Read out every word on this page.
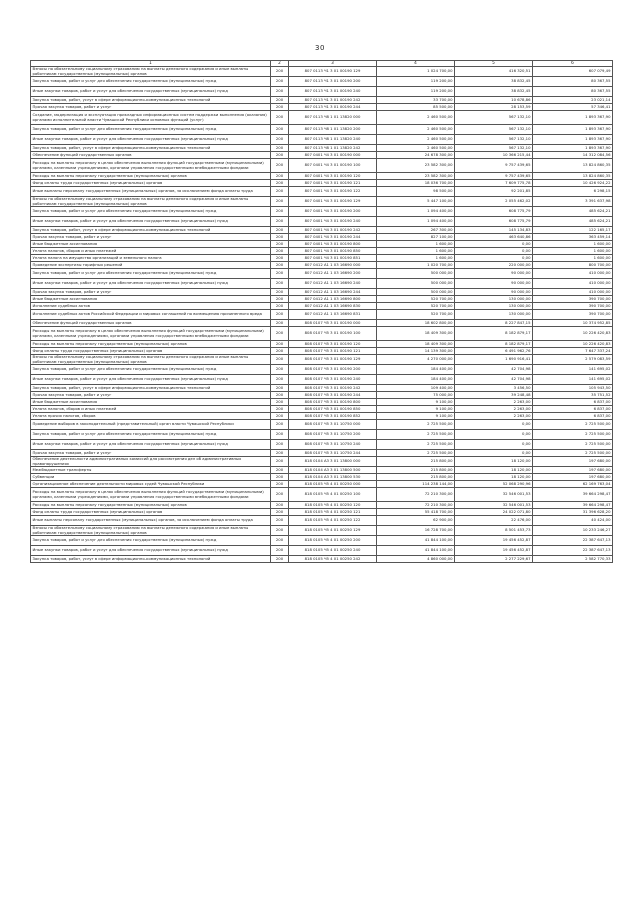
30
1	2	3	4	5	6
Взносы по обязательному социальному страхованию на выплаты денежного содержания и иные выплаты работникам государственных (муниципальных) органов	200	807 0113 Ч1 3 01 00190 129	1 024 700,00	416 320,51	607 079,49
Закупка товаров, работ и услуг для обеспечения государственных (муниципальных) нужд	200	807 0113 Ч1 3 01 00190 200	119 200,00	38 832,45	80 367,55
Иные закупки товаров, работ и услуг для обеспечения государственных (муниципальных) нужд	200	807 0113 Ч1 3 01 00190 240	119 200,00	38 832,45	80 367,55
Закупка товаров, работ, услуг в сфере информационно-коммуникационных технологий	200	807 0113 Ч1 3 01 00190 242	33 700,00	10 678,86	23 021,14
Прочая закупка товаров, работ и услуг	200	807 0113 Ч1 3 01 00190 244	85 500,00	28 153,59	57 346,41
Создание, модернизация и эксплуатация прикладных информационных систем поддержки выполнения (оказания) органами исполнительной власти Чувашской Республики основных функций (услуг)	200	807 0113 Ч8 1 01 13820 000	2 460 500,00	567 132,10	1 893 367,90
Закупка товаров, работ и услуг для обеспечения государственных (муниципальных) нужд	200	807 0113 Ч8 1 01 13820 200	2 460 500,00	567 132,10	1 893 367,90
Иные закупки товаров, работ и услуг для обеспечения государственных (муниципальных) нужд	200	807 0113 Ч8 1 01 13820 240	2 460 500,00	567 132,10	1 893 367,90
Закупка товаров, работ, услуг в сфере информационно-коммуникационных технологий	200	807 0113 Ч8 1 01 13820 242	2 460 500,00	567 132,10	1 893 367,90
Обеспечение функций государственных органов	200	807 0401 Ч4 3 01 00190 000	24 678 300,00	10 366 215,44	14 312 084,56
Расходы на выплаты персоналу в целях обеспечения выполнения функций государственными (муниципальными) органами, казенными учреждениями, органами управления государственными внебюджетными фондами	200	807 0401 Ч4 3 01 00190 100	23 582 300,00	9 757 439,65	13 824 860,35
Расходы на выплаты персоналу государственных (муниципальных) органов	200	807 0401 Ч4 3 01 00190 120	23 582 300,00	9 757 439,65	13 824 860,35
Фонд оплаты труда государственных (муниципальных) органов	200	807 0401 Ч4 3 01 00190 121	18 036 700,00	7 609 775,78	10 426 924,22
Иные выплаты персоналу государственных (муниципальных) органов, за исключением фонда оплаты труда	200	807 0401 Ч4 3 01 00190 122	98 500,00	92 201,85	6 298,15
Взносы по обязательному социальному страхованию на выплаты денежного содержания и иные выплаты работникам государственных (муниципальных) органов	200	807 0401 Ч4 3 01 00190 129	5 447 100,00	2 055 462,02	3 391 637,98
Закупка товаров, работ и услуг для обеспечения государственных (муниципальных) нужд	200	807 0401 Ч4 3 01 00190 200	1 094 400,00	608 775,79	485 624,21
Иные закупки товаров, работ и услуг для обеспечения государственных (муниципальных) нужд	200	807 0401 Ч4 3 01 00190 240	1 094 400,00	608 775,79	485 624,21
Закупка товаров, работ, услуг в сфере информационно-коммуникационных технологий	200	807 0401 Ч4 3 01 00190 242	267 300,00	145 134,83	122 165,17
Прочая закупка товаров, работ и услуг	200	807 0401 Ч4 3 01 00190 244	827 100,00	463 640,86	363 459,14
Иные бюджетные ассигнования	200	807 0401 Ч4 3 01 00190 800	1 600,00	0,00	1 600,00
Уплата налогов, сборов и иных платежей	200	807 0401 Ч4 3 01 00190 850	1 600,00	0,00	1 600,00
Уплата налога на имущество организаций и земельного налога	200	807 0401 Ч4 3 01 00190 851	1 600,00	0,00	1 600,00
Проведение экспертизы тарифных решений	200	807 0412 А1 1 03 16690 000	1 020 700,00	220 000,00	800 700,00
Закупка товаров, работ и услуг для обеспечения государственных (муниципальных) нужд	200	807 0412 А1 1 03 16690 200	500 000,00	90 000,00	410 000,00
Иные закупки товаров, работ и услуг для обеспечения государственных (муниципальных) нужд	200	807 0412 А1 1 03 16690 240	500 000,00	90 000,00	410 000,00
Прочая закупка товаров, работ и услуг	200	807 0412 А1 1 03 16690 244	500 000,00	90 000,00	410 000,00
Иные бюджетные ассигнования	200	807 0412 А1 1 03 16690 800	520 700,00	130 000,00	390 700,00
Исполнение судебных актов	200	807 0412 А1 1 03 16690 830	520 700,00	130 000,00	390 700,00
Исполнение судебных актов Российской Федерации и мировых соглашений по возмещению причиненного вреда	200	807 0412 А1 1 03 16690 831	520 700,00	130 000,00	390 700,00
Обеспечение функций государственных органов	200	808 0107 Ч5 3 01 00190 000	18 602 800,00	8 227 847,15	10 374 952,85
Расходы на выплаты персоналу в целях обеспечения выполнения функций государственными (муниципальными) органами, казенными учреждениями, органами управления государственными внебюджетными фондами	200	808 0107 Ч5 3 01 00190 100	18 409 300,00	8 182 879,17	10 226 420,83
Расходы на выплаты персоналу государственных (муниципальных) органов	200	808 0107 Ч5 3 01 00190 120	18 409 300,00	8 182 879,17	10 226 420,83
Фонд оплаты труда государственных (муниципальных) органов	200	808 0107 Ч5 3 01 00190 121	14 139 300,00	6 491 962,76	7 647 337,24
Взносы по обязательному социальному страхованию на выплаты денежного содержания и иные выплаты работникам государственных (муниципальных) органов	200	808 0107 Ч5 3 01 00190 129	4 270 000,00	1 690 916,41	2 579 083,59
Закупка товаров, работ и услуг для обеспечения государственных (муниципальных) нужд	200	808 0107 Ч5 3 01 00190 200	184 400,00	42 704,98	141 695,02
Иные закупки товаров, работ и услуг для обеспечения государственных (муниципальных) нужд	200	808 0107 Ч5 3 01 00190 240	184 400,00	42 704,98	141 695,02
Закупка товаров, работ, услуг в сфере информационно-коммуникационных технологий	200	808 0107 Ч5 3 01 00190 242	109 400,00	3 456,50	105 943,50
Прочая закупка товаров, работ и услуг	200	808 0107 Ч5 3 01 00190 244	75 000,00	39 248,48	35 751,52
Иные бюджетные ассигнования	200	808 0107 Ч5 3 01 00190 800	9 100,00	2 263,00	6 837,00
Уплата налогов, сборов и иных платежей	200	808 0107 Ч5 3 01 00190 850	9 100,00	2 263,00	6 837,00
Уплата прочих налогов, сборов	200	808 0107 Ч5 3 01 00190 852	9 100,00	2 263,00	6 837,00
Проведение выборов в законодательный (представительный) орган власти Чувашской Республики	200	808 0107 Ч5 3 01 10750 000	2 725 500,00	0,00	2 725 500,00
Закупка товаров, работ и услуг для обеспечения государственных (муниципальных) нужд	200	808 0107 Ч5 3 01 10750 200	2 725 500,00	0,00	2 725 500,00
Иные закупки товаров, работ и услуг для обеспечения государственных (муниципальных) нужд	200	808 0107 Ч5 3 01 10750 240	2 725 500,00	0,00	2 725 500,00
Прочая закупка товаров, работ и услуг	200	808 0107 Ч5 3 01 10750 244	2 725 500,00	0,00	2 725 500,00
Обеспечение деятельности административных комиссий для рассмотрения дел об административных правонарушениях	200	818 0104 А3 3 01 13800 000	215 800,00	18 120,00	197 680,00
Межбюджетные трансферты	200	818 0104 А3 3 01 13800 500	215 800,00	18 120,00	197 680,00
Субвенции	200	818 0104 А3 3 01 13800 530	215 800,00	18 120,00	197 680,00
Организационное обеспечение деятельности мировых судей Чувашской Республики	200	818 0105 Ч5 4 01 00250 000	114 238 144,00	52 068 290,96	62 169 763,04
Расходы на выплаты персоналу в целях обеспечения выполнения функций государственными (муниципальными) органами, казенными учреждениями, органами управления государственными внебюджетными фондами	200	818 0105 Ч5 4 01 00250 100	72 210 300,00	32 546 001,53	39 664 298,47
Расходы на выплаты персоналу государственных (муниципальных) органов	200	818 0105 Ч5 4 01 00250 120	72 210 300,00	32 546 001,53	39 664 298,47
Фонд оплаты труда государственных (муниципальных) органов	200	818 0105 Ч5 4 01 00250 121	55 418 700,00	24 022 071,80	31 396 628,20
Иные выплаты персоналу государственных (муниципальных) органов, за исключением фонда оплаты труда	200	818 0105 Ч5 4 01 00250 122	62 900,00	22 476,00	40 424,00
Взносы по обязательному социальному страхованию на выплаты денежного содержания и иные выплаты работникам государственных (муниципальных) органов	200	818 0105 Ч5 4 01 00250 129	16 728 700,00	8 501 453,73	10 233 246,27
Закупка товаров, работ и услуг для обеспечения государственных (муниципальных) нужд	200	818 0105 Ч5 4 01 00250 200	41 844 100,00	19 456 452,87	22 387 647,13
Иные закупки товаров, работ и услуг для обеспечения государственных (муниципальных) нужд	200	818 0105 Ч5 4 01 00250 240	41 844 100,00	19 456 452,87	22 387 647,13
Закупка товаров, работ, услуг в сфере информационно-коммуникационных технологий	200	818 0105 Ч5 4 01 00250 242	4 860 000,00	2 277 229,67	2 582 770,33
